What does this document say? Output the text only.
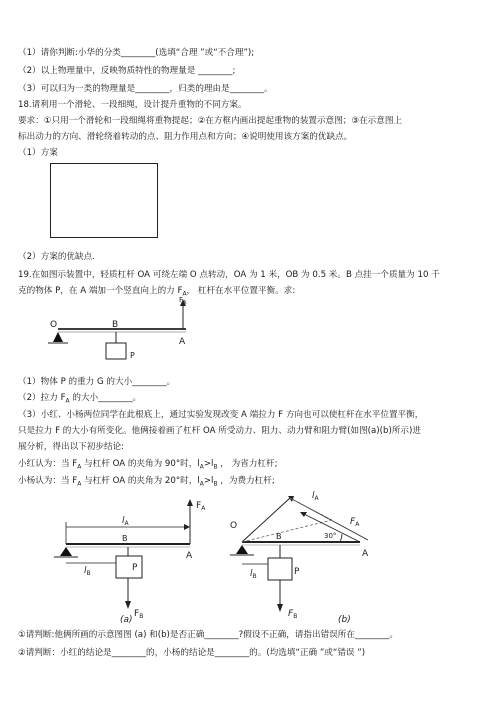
（1）请你判断:小华的分类________(选填“合理 ”或“不合理”);
（2）以上物理量中，反映物质特性的物理量是 ________;
（3）可以归为一类的物理量是________，归类的理由是________。
18.请利用一个滑轮、一段细绳，设计提升重物的不同方案。
要求：①只用一个滑轮和一段细绳将重物提起；②在方框内画出提起重物的装置示意图；③在示意图上
标出动力的方向、滑轮绕着转动的点、阻力作用点和方向；④说明使用该方案的优缺点。
（1）方案
（2）方案的优缺点.
19.在如图示装置中，轻质杠杆 OA 可绕左端 O 点转动，OA 为 1 米，OB 为 0.5 米。B 点挂一个质量为 10 千
克的物体 P，在 A 端加一个竖直向上的力 $F_A$， 杠杆在水平位置平衡。求:
O	B
A
P
$F_A$
（1）物体 P 的重力 G 的大小________。
（2）拉力 $F_A$ 的大小________。
（3）小红、小杨两位同学在此根底上，通过实验发现改变 A 端拉力 F 方向也可以使杠杆在水平位置平衡，
只是拉力 F 的大小有所变化。他俩接着画了杠杆 OA 所受动力、阻力、动力臂和阻力臂(如图(a)(b)所示)进
展分析，得出以下初步结论:
小红认为：当 $F_A$ 与杠杆 OA 的夹角为 90°时，$l_A>l_B$ ， 为省力杠杆;
小杨认为：当 $F_A$ 与杠杆 OA 的夹角为 20°时，$l_A>l_B$ ，为费力杠杆;
$l_A$
$l_B$
$F_A$
$F_B$
P
B
A
(a)
O
$l_A$
$l_B$
$F_A$
$F_B$
P
B
A
30°
(b)
①请判断:他俩所画的示意图图 (a) 和(b)是否正确________?假设不正确，请指出错误所在________。
②请判断：小红的结论是________的，小杨的结论是________的。(均选填“正确 ”或“错误 ”)
